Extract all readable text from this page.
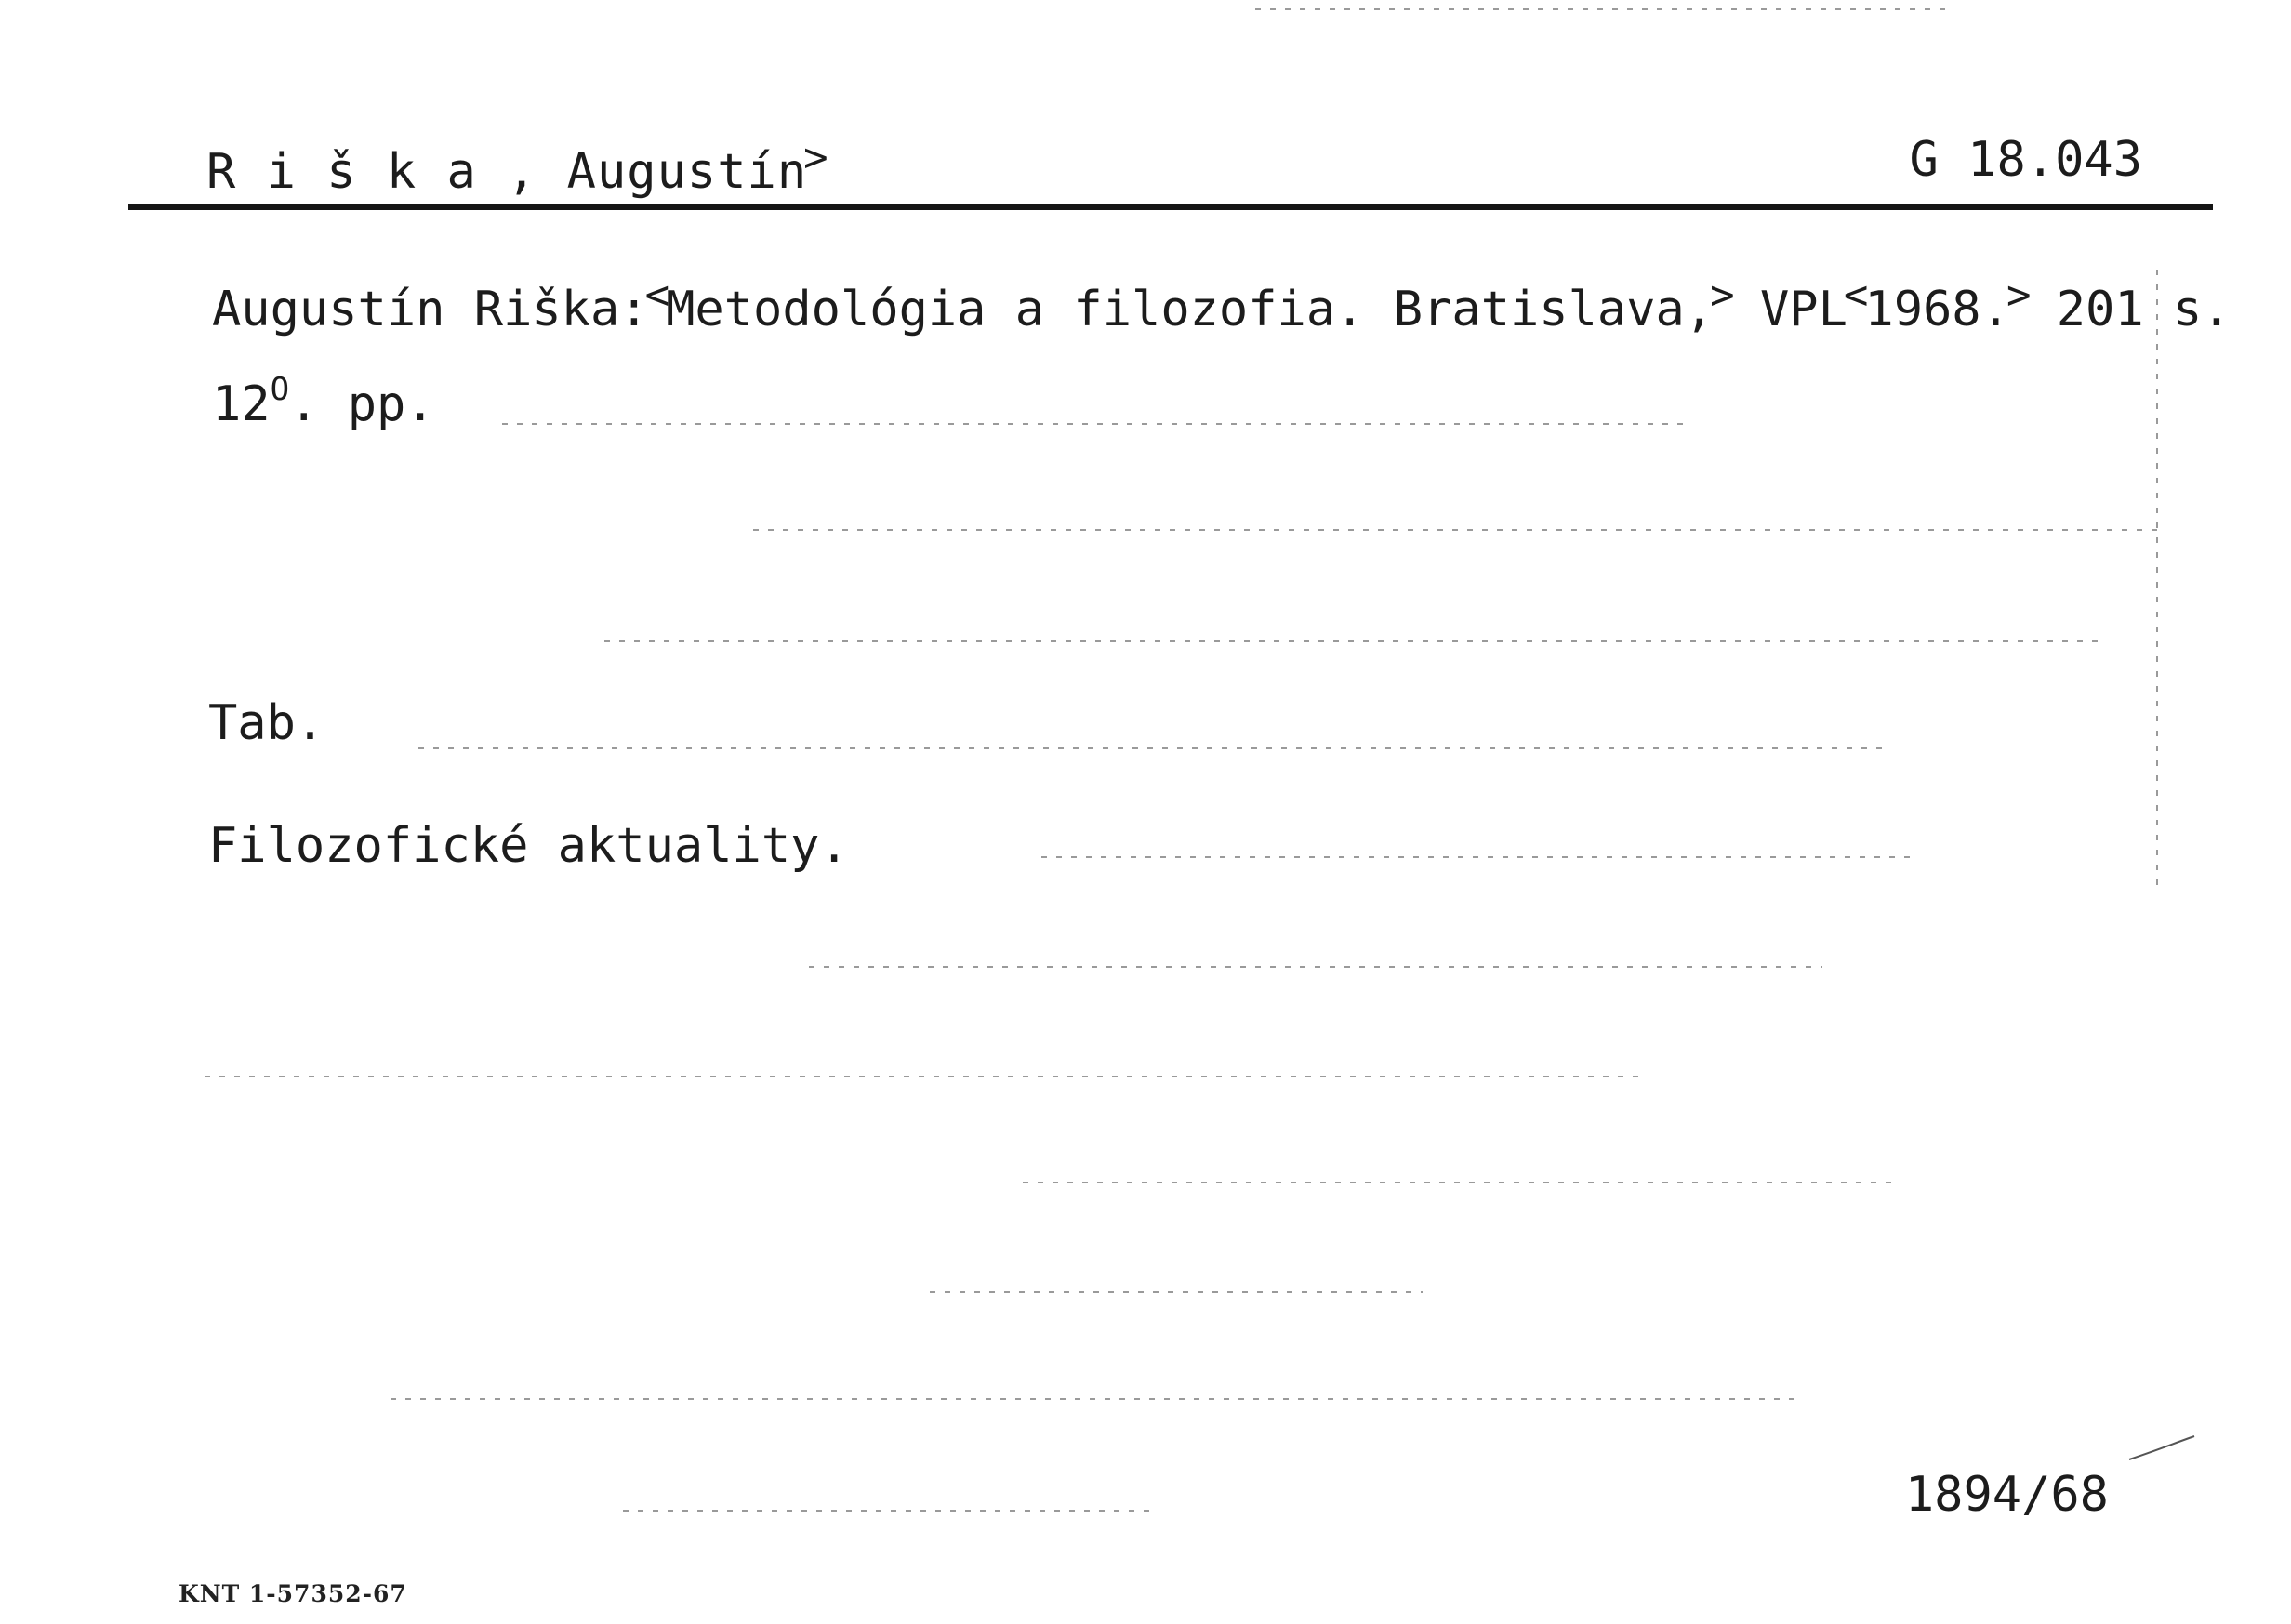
R i š k a , Augustín>	G 18.043
Augustín Riška:<Metodológia a filozofia. Bratislava,> VPL<1968.> 201 s.
$12^O$. pp.
Tab.
Filozofické aktuality.
1894/68
KNT 1-57352-67
